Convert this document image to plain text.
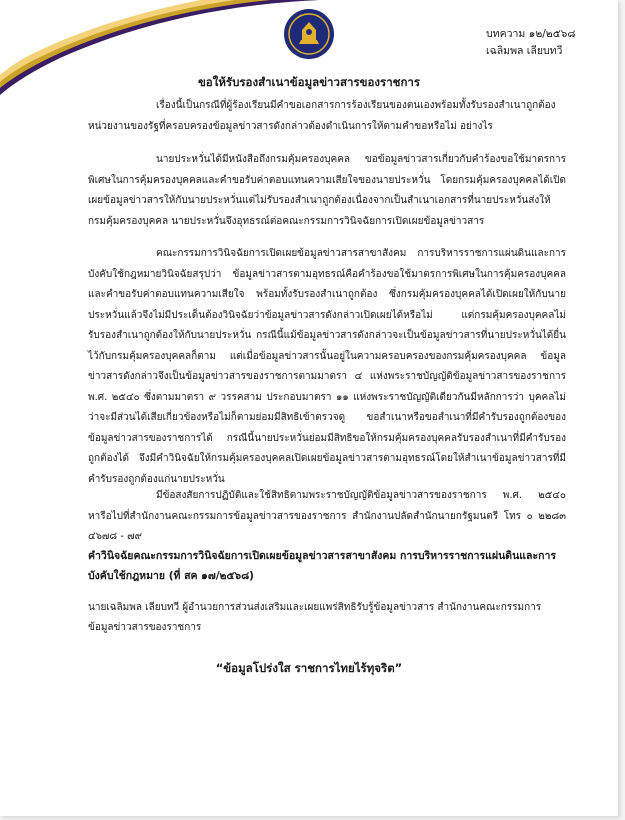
บทความ ๑๒/๒๕๖๘
เฉลิมพล เลียบทวี
ขอให้รับรองสำเนาข้อมูลข่าวสารของราชการ

เรื่องนี้เป็นกรณีที่ผู้ร้องเรียนมีคำขอเอกสารการร้องเรียนของตนเองพร้อมทั้งรับรองสำเนาถูกต้อง หน่วยงานของรัฐที่ครอบครองข้อมูลข่าวสารดังกล่าวต้องดำเนินการให้ตามคำขอหรือไม่ อย่างไร

นายประหวั่นได้มีหนังสือถึงกรมคุ้มครองบุคคล ขอข้อมูลข่าวสารเกี่ยวกับคำร้องขอใช้มาตรการพิเศษในการคุ้มครองบุคคลและคำขอรับค่าตอบแทนความเสียใจของนายประหวั่น โดยกรมคุ้มครองบุคคลได้เปิดเผยข้อมูลข่าวสารให้กับนายประหวั่นแต่ไม่รับรองสำเนาถูกต้องเนื่องจากเป็นสำเนาเอกสารที่นายประหวั่นส่งให้กรมคุ้มครองบุคคล นายประหวั่นจึงอุทธรณ์ต่อคณะกรรมการวินิจฉัยการเปิดเผยข้อมูลข่าวสาร

คณะกรรมการวินิจฉัยการเปิดเผยข้อมูลข่าวสารสาขาสังคม การบริหารราชการแผ่นดินและการบังคับใช้กฎหมายวินิจฉัยสรุปว่า ข้อมูลข่าวสารตามอุทธรณ์คือคำร้องขอใช้มาตรการพิเศษในการคุ้มครองบุคคลและคำขอรับค่าตอบแทนความเสียใจ พร้อมทั้งรับรองสำเนาถูกต้อง ซึ่งกรมคุ้มครองบุคคลได้เปิดเผยให้กับนายประหวั่นแล้วจึงไม่มีประเด็นต้องวินิจฉัยว่าข้อมูลข่าวสารดังกล่าวเปิดเผยได้หรือไม่ แต่กรมคุ้มครองบุคคลไม่รับรองสำเนาถูกต้องให้กับนายประหวั่น กรณีนี้แม้ข้อมูลข่าวสารดังกล่าวจะเป็นข้อมูลข่าวสารที่นายประหวั่นได้ยื่นไว้กับกรมคุ้มครองบุคคลก็ตาม แต่เมื่อข้อมูลข่าวสารนั้นอยู่ในความครอบครองของกรมคุ้มครองบุคคล ข้อมูลข่าวสารดังกล่าวจึงเป็นข้อมูลข่าวสารของราชการตามมาตรา ๔ แห่งพระราชบัญญัติข้อมูลข่าวสารของราชการ พ.ศ. ๒๕๔๐ ซึ่งตามมาตรา ๙ วรรคสาม ประกอบมาตรา ๑๑ แห่งพระราชบัญญัติเดียวกันมีหลักการว่า บุคคลไม่ว่าจะมีส่วนได้เสียเกี่ยวข้องหรือไม่ก็ตามย่อมมีสิทธิเข้าตรวจดู ขอสำเนาหรือขอสำเนาที่มีคำรับรองถูกต้องของข้อมูลข่าวสารของราชการได้ กรณีนี้นายประหวั่นย่อมมีสิทธิขอให้กรมคุ้มครองบุคคลรับรองสำเนาที่มีคำรับรองถูกต้องได้ จึงมีคำวินิจฉัยให้กรมคุ้มครองบุคคลเปิดเผยข้อมูลข่าวสารตามอุทธรณ์โดยให้สำเนาข้อมูลข่าวสารที่มีคำรับรองถูกต้องแก่นายประหวั่น

มีข้อสงสัยการปฏิบัติและใช้สิทธิตามพระราชบัญญัติข้อมูลข่าวสารของราชการ พ.ศ. ๒๕๔๐ หารือไปที่สำนักงานคณะกรรมการข้อมูลข่าวสารของราชการ สำนักงานปลัดสำนักนายกรัฐมนตรี โทร ๐ ๒๒๘๓ ๔๖๗๘ - ๗๙

คำวินิจฉัยคณะกรรมการวินิจฉัยการเปิดเผยข้อมูลข่าวสารสาขาสังคม การบริหารราชการแผ่นดินและการบังคับใช้กฎหมาย (ที่ สค ๑๗/๒๕๖๘)
นายเฉลิมพล เลียบทวี ผู้อำนวยการส่วนส่งเสริมและเผยแพร่สิทธิรับรู้ข้อมูลข่าวสาร สำนักงานคณะกรรมการข้อมูลข่าวสารของราชการ
“ข้อมูลโปร่งใส ราชการไทยไร้ทุจริต”
